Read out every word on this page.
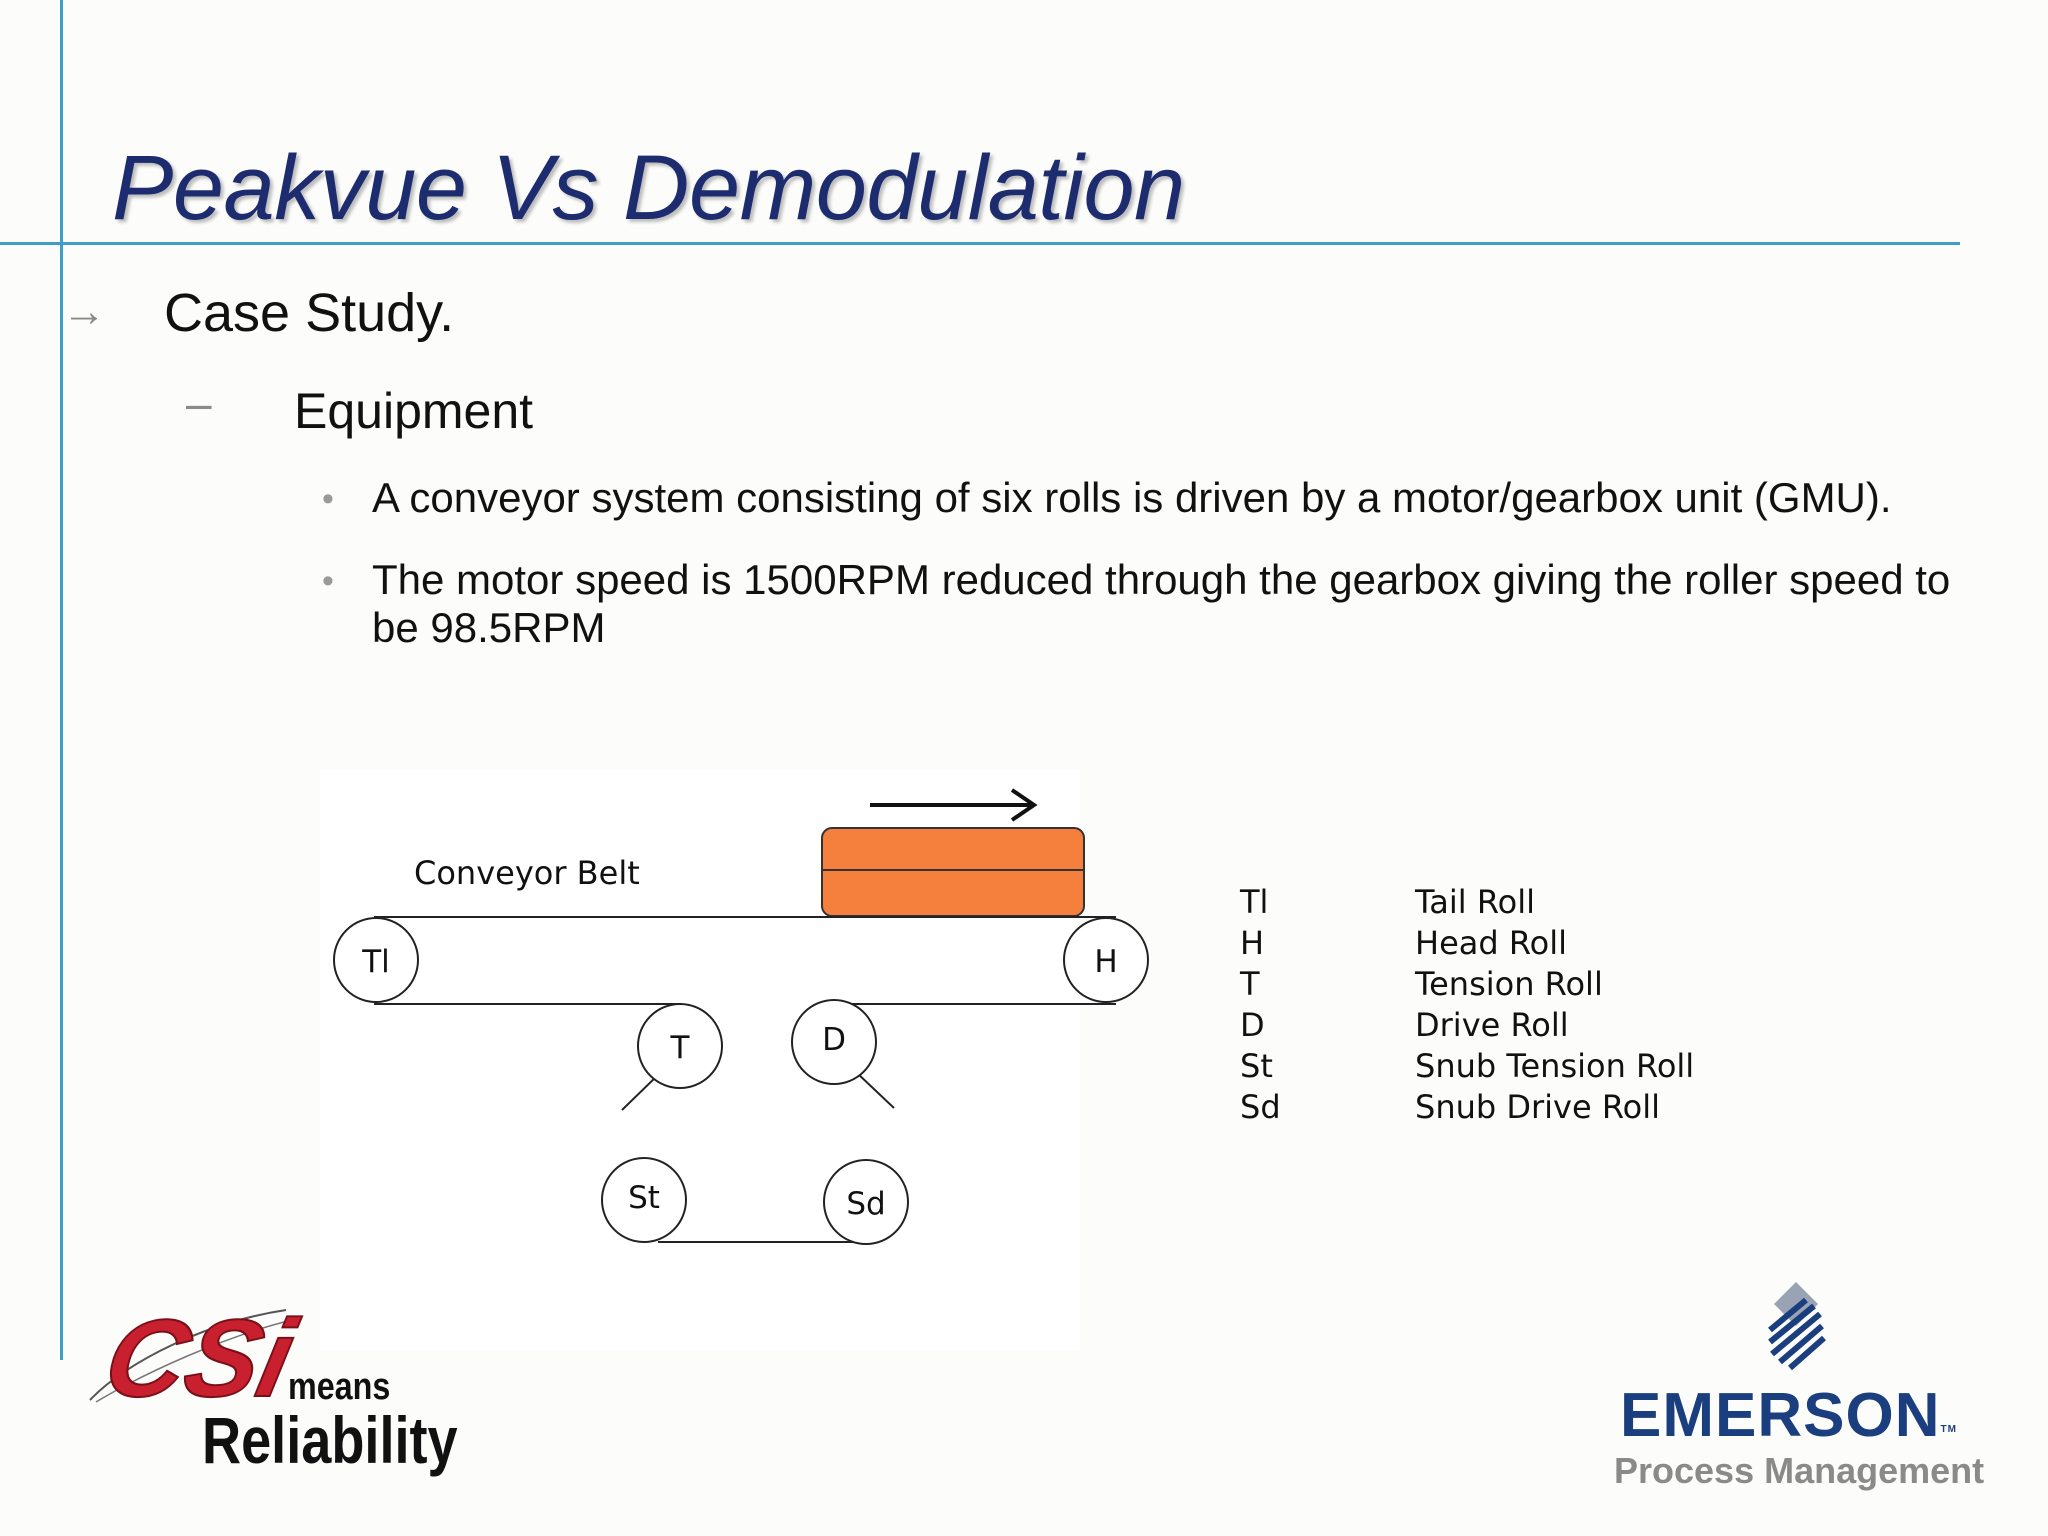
Peakvue Vs Demodulation
→ Case Study.
– Equipment
• A conveyor system consisting of six rolls is driven by a motor/gearbox unit (GMU).
• The motor speed is 1500RPM reduced through the gearbox giving the roller speed to be 98.5RPM
Conveyor Belt
Tl	H
T	D
St	Sd
Tl	Tail Roll
H	Head Roll
T	Tension Roll
D	Drive Roll
St	Snub Tension Roll
Sd	Snub Drive Roll
CSi
means
Reliability	EMERSON™
Process Management
